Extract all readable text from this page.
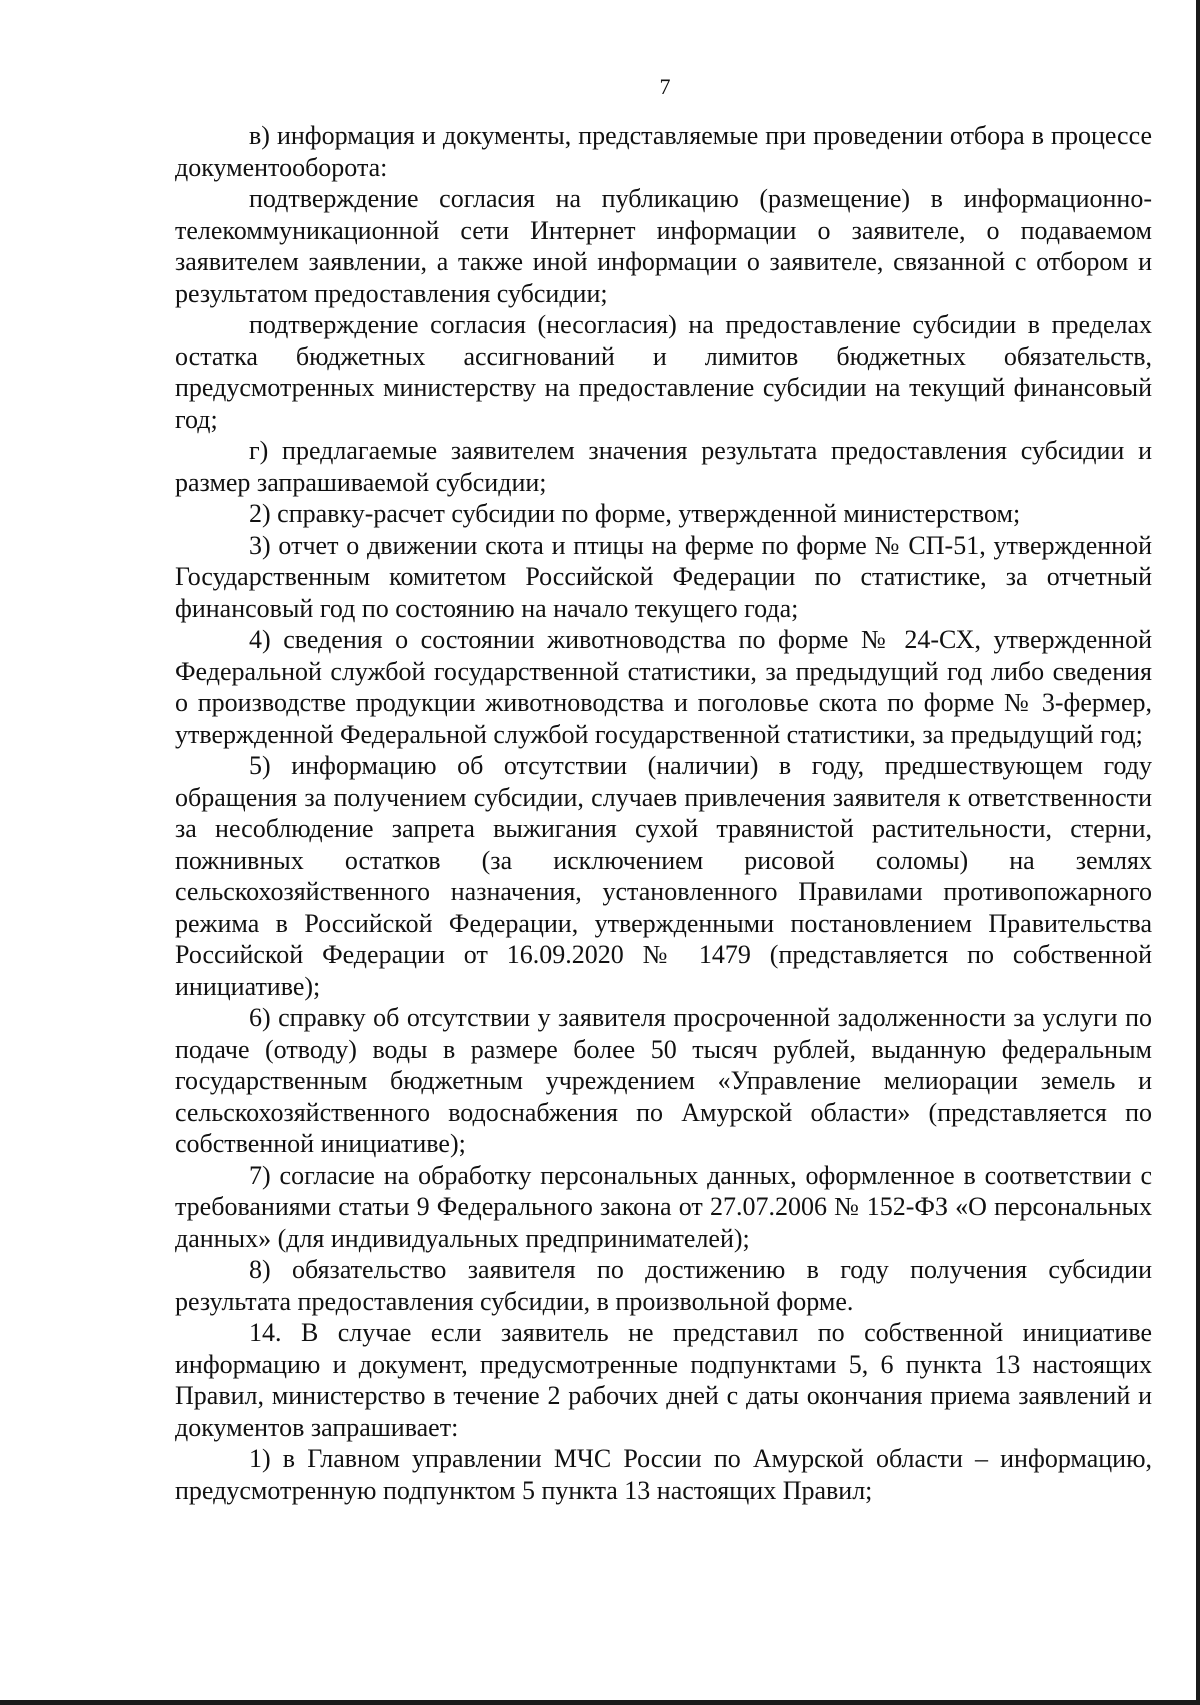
7

в) информация и документы, представляемые при проведении отбора в процессе документооборота:

подтверждение согласия на публикацию (размещение) в информационно-телекоммуникационной сети Интернет информации о заявителе, о подаваемом заявителем заявлении, а также иной информации о заявителе, связанной с отбором и результатом предоставления субсидии;

подтверждение согласия (несогласия) на предоставление субсидии в пределах остатка бюджетных ассигнований и лимитов бюджетных обязательств, предусмотренных министерству на предоставление субсидии на текущий финансовый год;

г) предлагаемые заявителем значения результата предоставления субсидии и размер запрашиваемой субсидии;

2) справку-расчет субсидии по форме, утвержденной министерством;

3) отчет о движении скота и птицы на ферме по форме № СП-51, утвержденной Государственным комитетом Российской Федерации по статистике, за отчетный финансовый год по состоянию на начало текущего года;

4) сведения о состоянии животноводства по форме № 24-СХ, утвержденной Федеральной службой государственной статистики, за предыдущий год либо сведения о производстве продукции животноводства и поголовье скота по форме № 3-фермер, утвержденной Федеральной службой государственной статистики, за предыдущий год;

5) информацию об отсутствии (наличии) в году, предшествующем году обращения за получением субсидии, случаев привлечения заявителя к ответственности за несоблюдение запрета выжигания сухой травянистой растительности, стерни, пожнивных остатков (за исключением рисовой соломы) на землях сельскохозяйственного назначения, установленного Правилами противопожарного режима в Российской Федерации, утвержденными постановлением Правительства Российской Федерации от 16.09.2020 № 1479 (представляется по собственной инициативе);

6) справку об отсутствии у заявителя просроченной задолженности за услуги по подаче (отводу) воды в размере более 50 тысяч рублей, выданную федеральным государственным бюджетным учреждением «Управление мелиорации земель и сельскохозяйственного водоснабжения по Амурской области» (представляется по собственной инициативе);

7) согласие на обработку персональных данных, оформленное в соответствии с требованиями статьи 9 Федерального закона от 27.07.2006 № 152-ФЗ «О персональных данных» (для индивидуальных предпринимателей);

8) обязательство заявителя по достижению в году получения субсидии результата предоставления субсидии, в произвольной форме.

14. В случае если заявитель не представил по собственной инициативе информацию и документ, предусмотренные подпунктами 5, 6 пункта 13 настоящих Правил, министерство в течение 2 рабочих дней с даты окончания приема заявлений и документов запрашивает:

1) в Главном управлении МЧС России по Амурской области – информацию, предусмотренную подпунктом 5 пункта 13 настоящих Правил;
